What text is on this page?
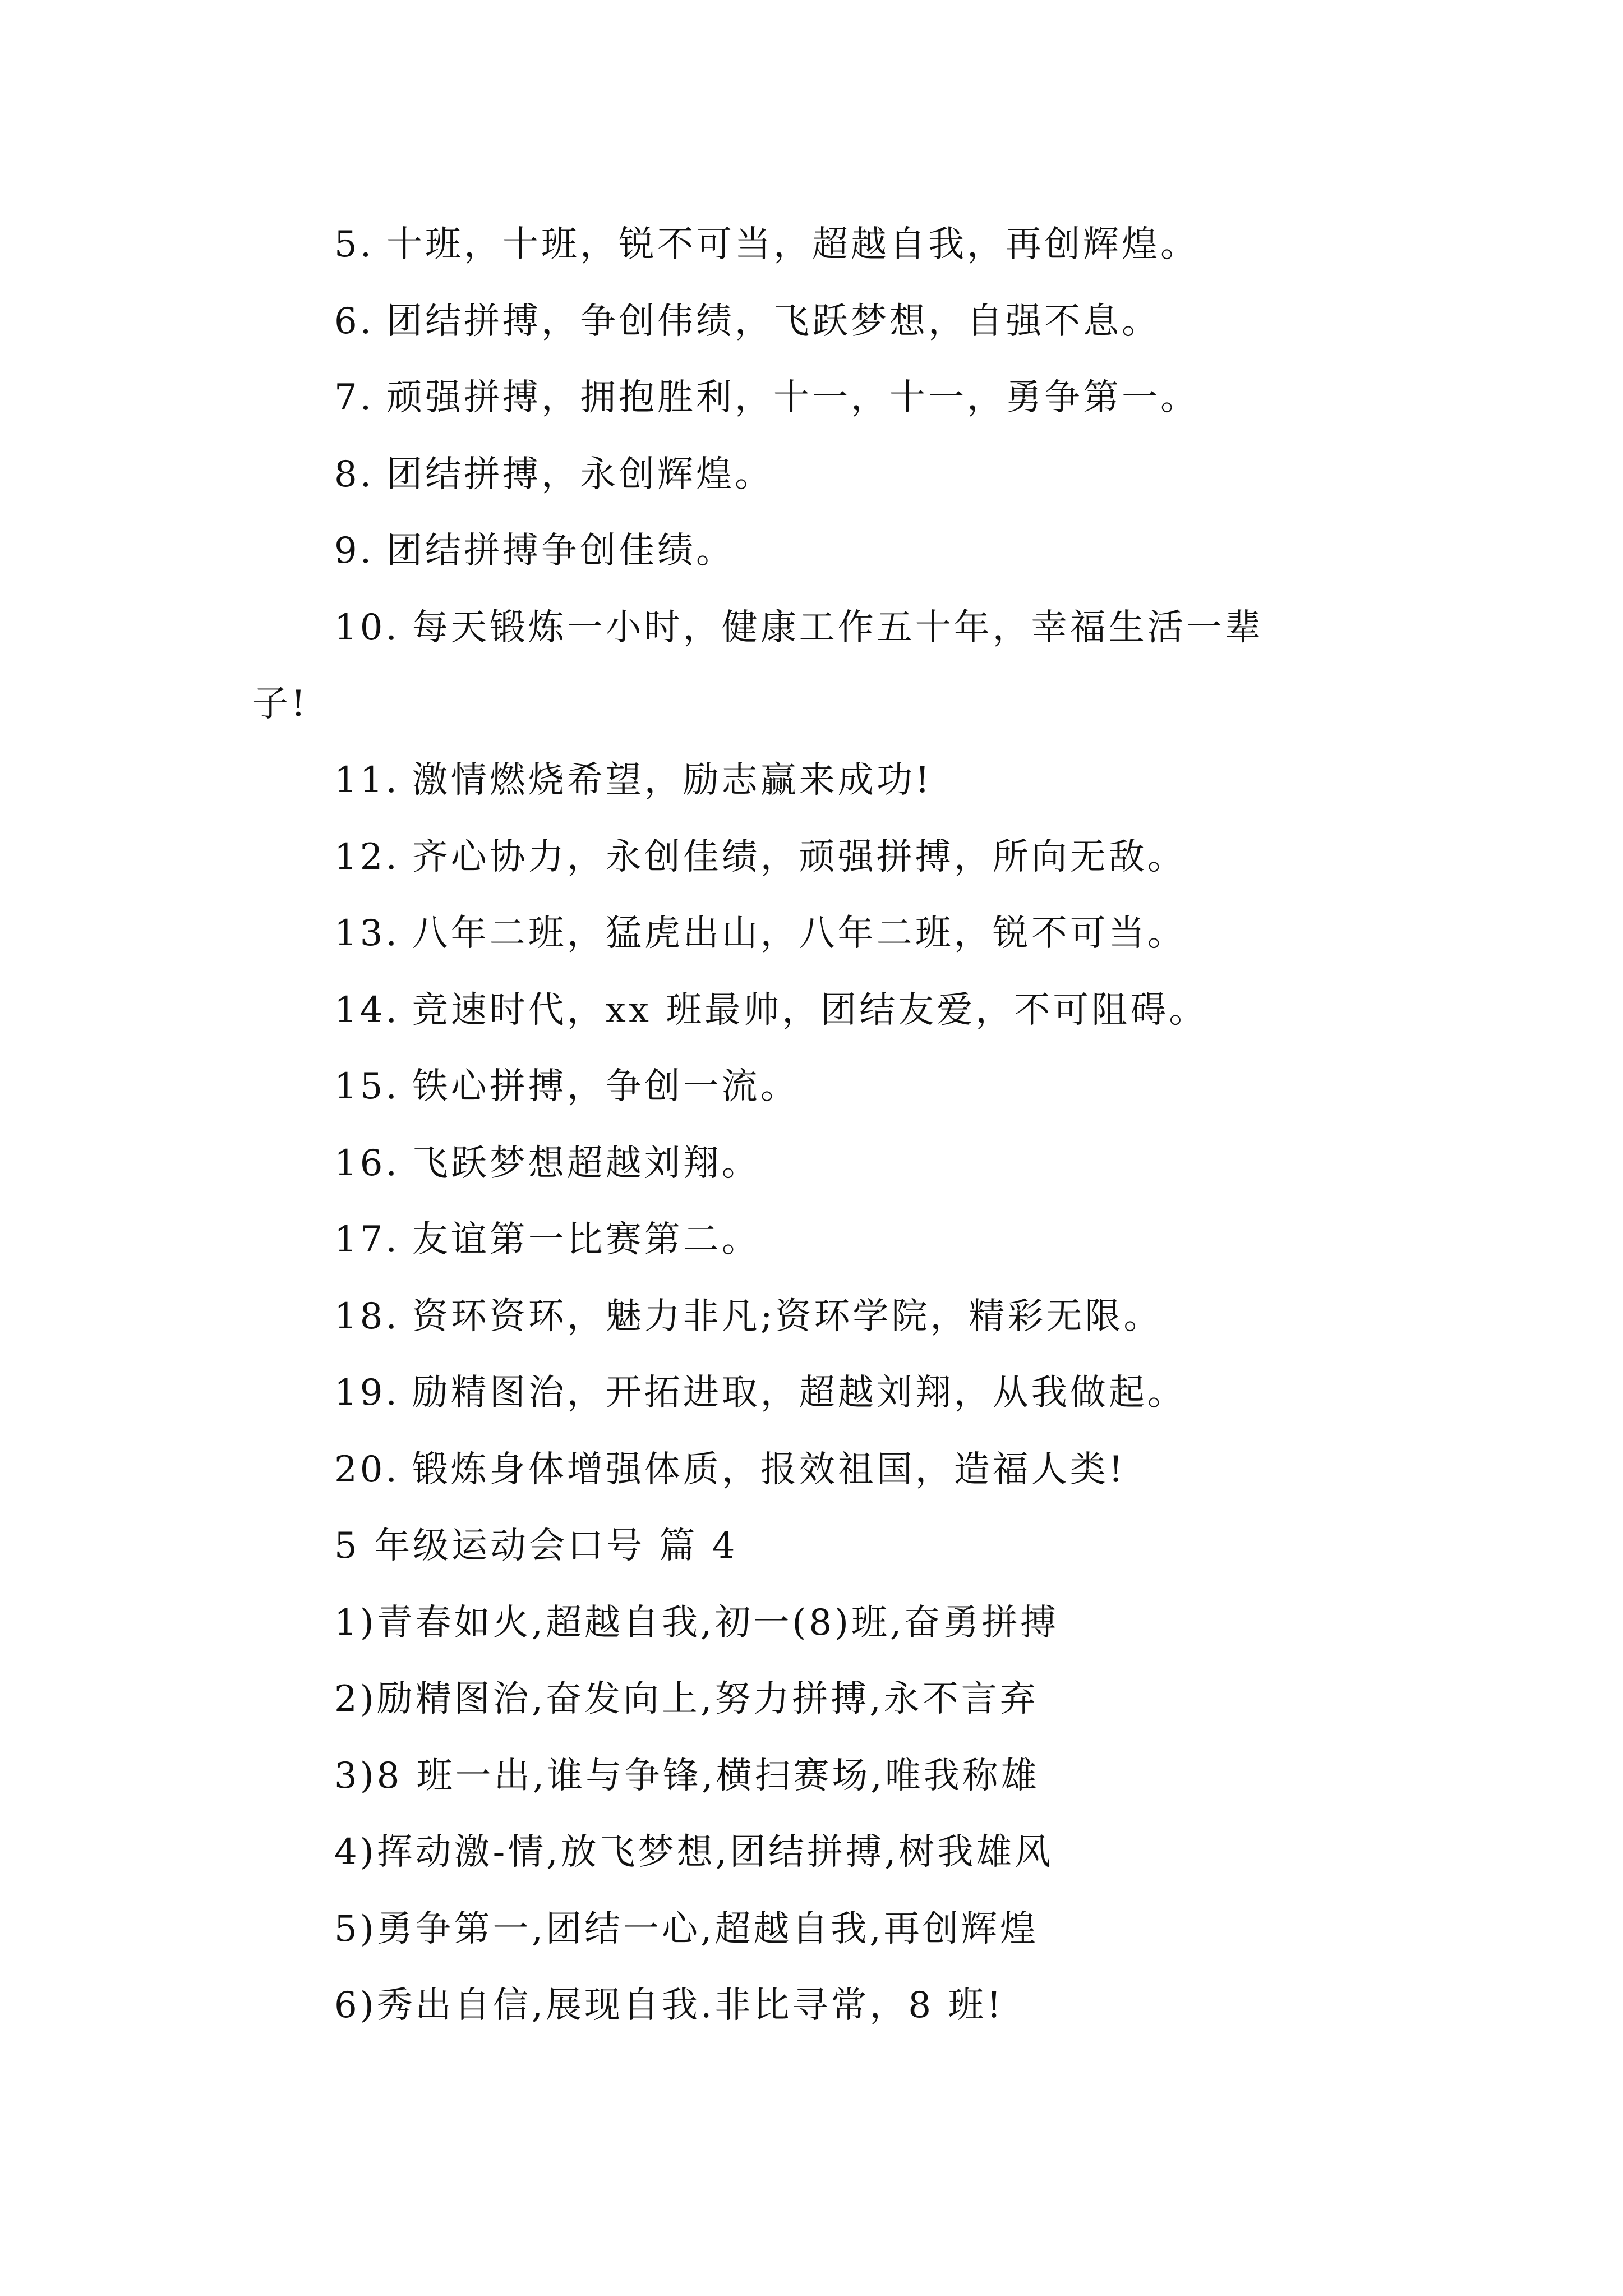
5. 十班，十班，锐不可当，超越自我，再创辉煌。
6. 团结拼搏，争创伟绩，飞跃梦想，自强不息。
7. 顽强拼搏，拥抱胜利，十一，十一，勇争第一。
8. 团结拼搏，永创辉煌。
9. 团结拼搏争创佳绩。
10. 每天锻炼一小时，健康工作五十年，幸福生活一辈
子!
11. 激情燃烧希望，励志赢来成功!
12. 齐心协力，永创佳绩，顽强拼搏，所向无敌。
13. 八年二班，猛虎出山，八年二班，锐不可当。
14. 竞速时代，xx 班最帅，团结友爱，不可阻碍。
15. 铁心拼搏，争创一流。
16. 飞跃梦想超越刘翔。
17. 友谊第一比赛第二。
18. 资环资环，魅力非凡;资环学院，精彩无限。
19. 励精图治，开拓进取，超越刘翔，从我做起。
20. 锻炼身体增强体质，报效祖国，造福人类!
5 年级运动会口号 篇 4
1)青春如火,超越自我,初一(8)班,奋勇拼搏
2)励精图治,奋发向上,努力拼搏,永不言弃
3)8 班一出,谁与争锋,横扫赛场,唯我称雄
4)挥动激-情,放飞梦想,团结拼搏,树我雄风
5)勇争第一,团结一心,超越自我,再创辉煌
6)秀出自信,展现自我.非比寻常，8 班!
